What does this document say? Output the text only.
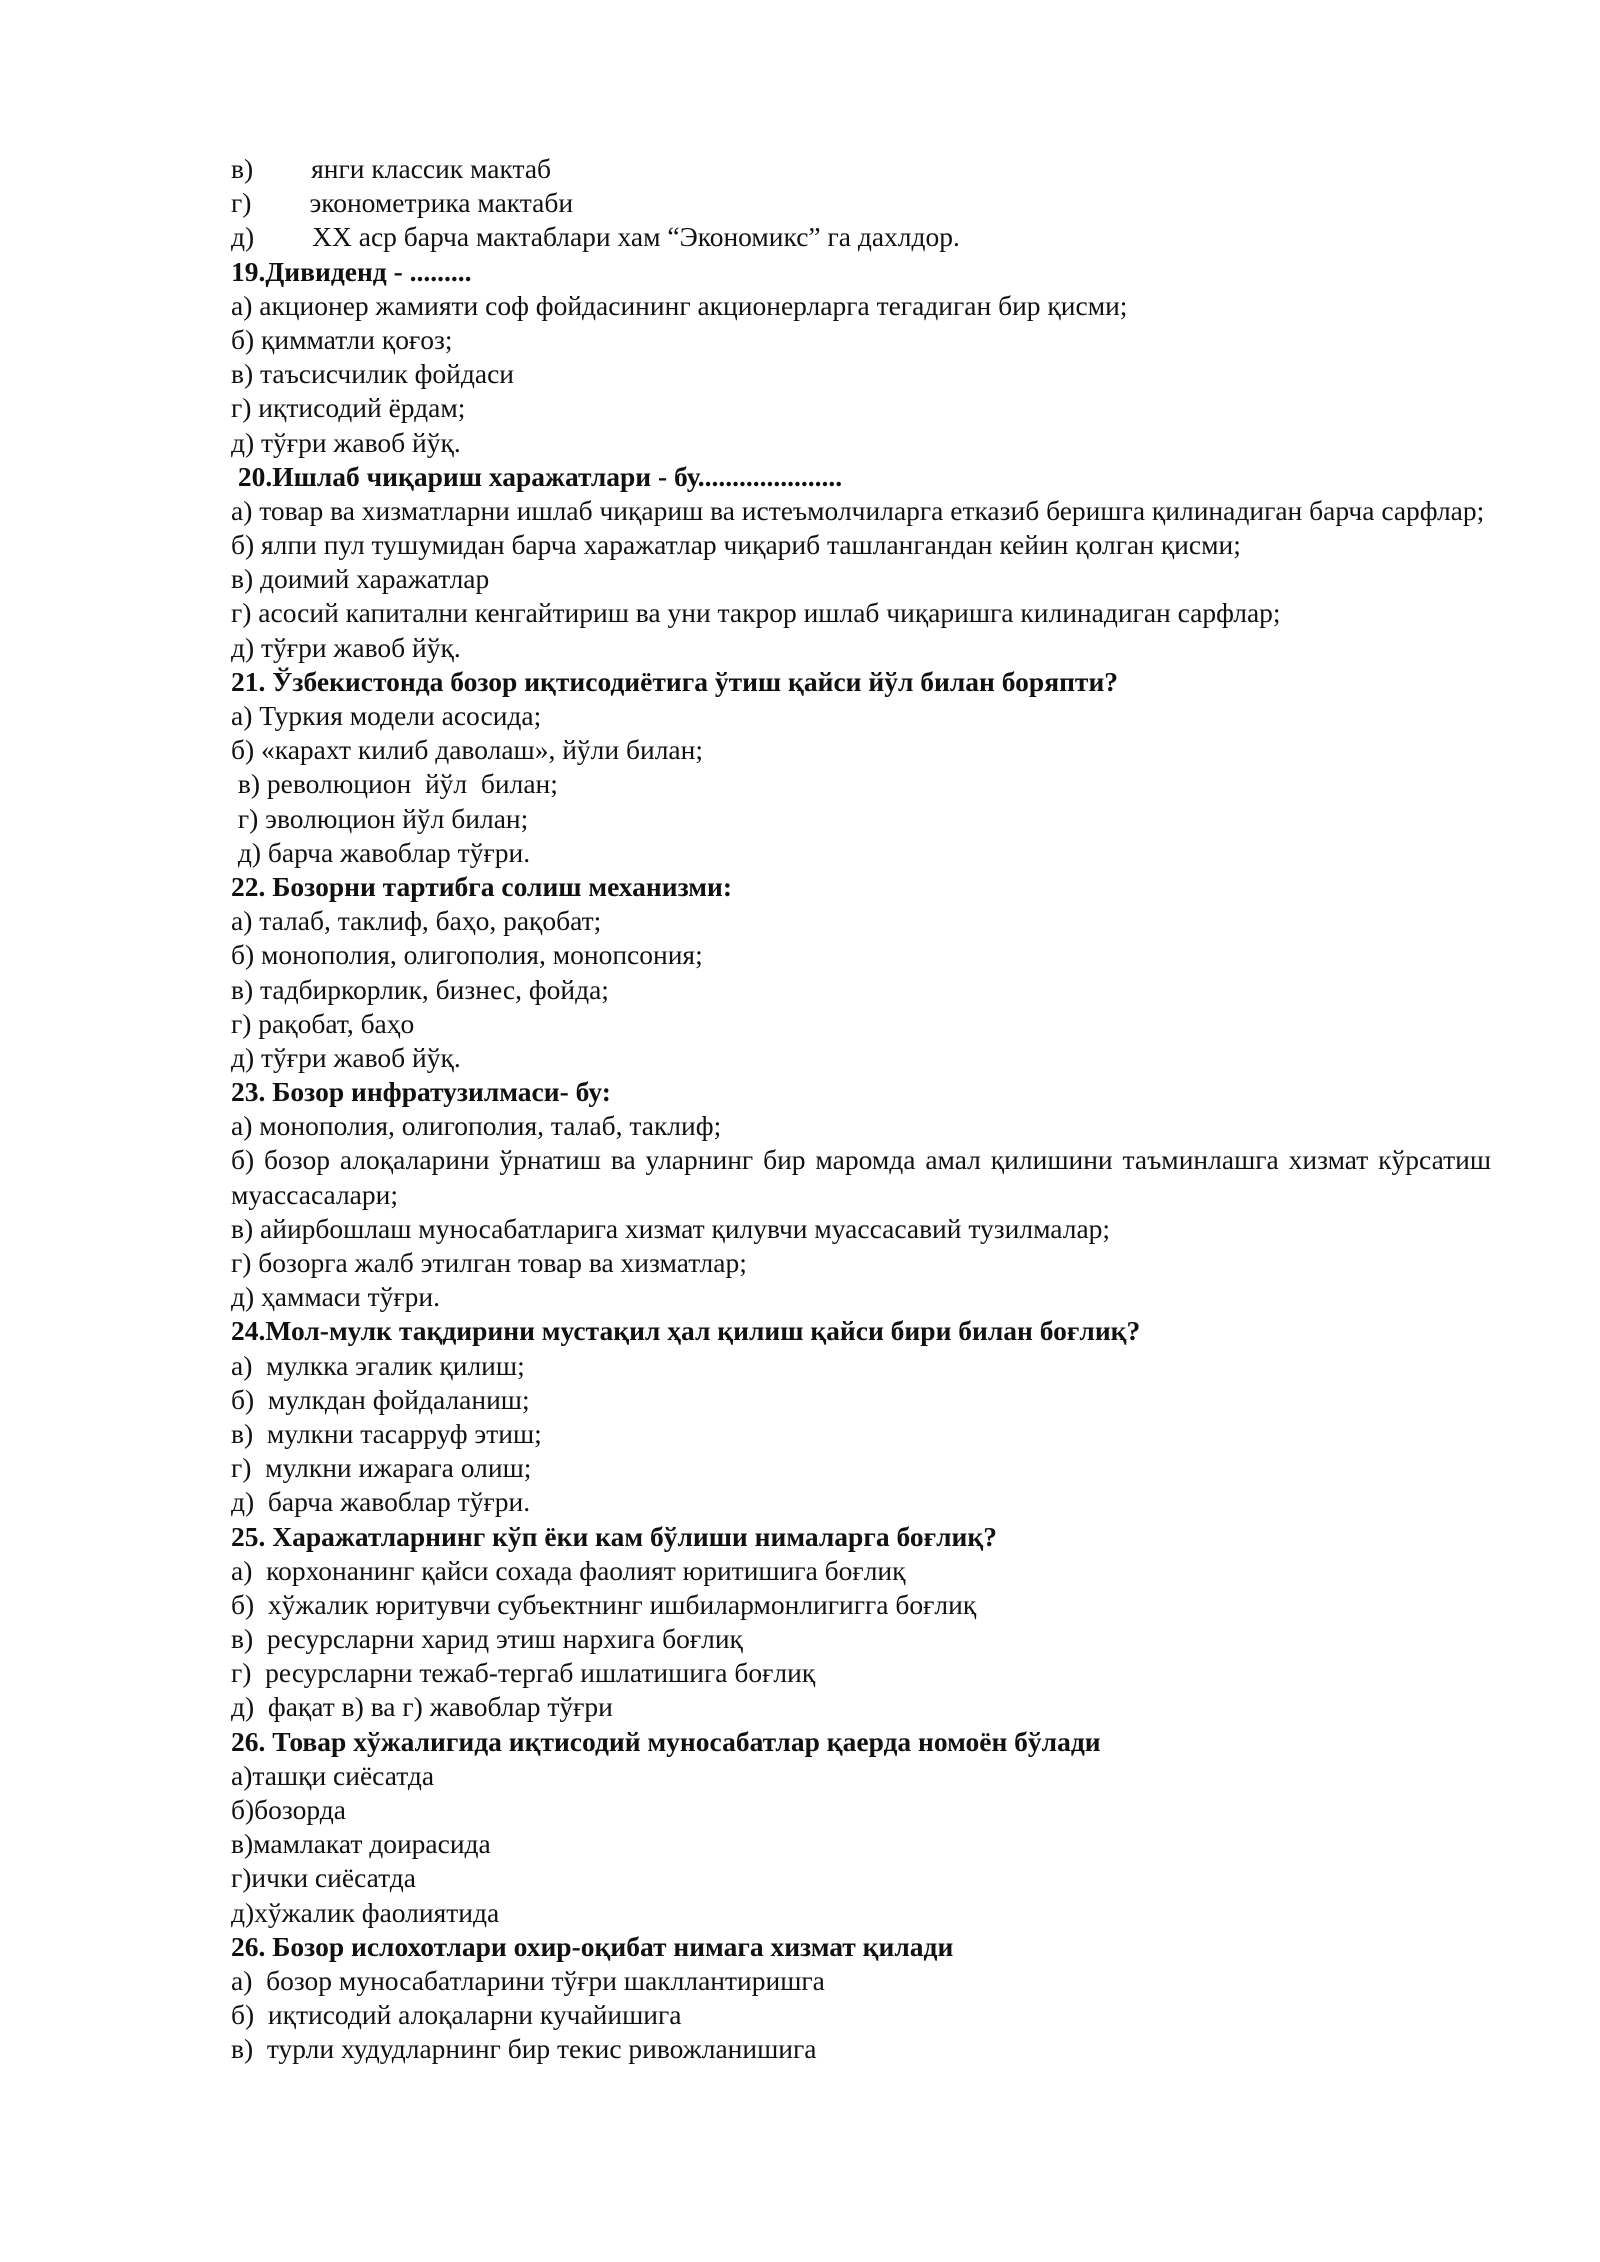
в) янги классик мактаб
г) эконометрика мактаби
д) ХХ аср барча мактаблари хам “Экономикс” га дахлдор.
19.Дивиденд - .........
а) акционер жамияти соф фойдасининг акционерларга тегадиган бир қисми;
б) қимматли қоғоз;
в) таъсисчилик фойдаси
г) иқтисодий ёрдам;
д) тўғри жавоб йўқ.
20.Ишлаб чиқариш харажатлари - бу.....................
а) товар ва хизматларни ишлаб чиқариш ва истеъмолчиларга етказиб беришга қилинадиган барча сарфлар;
б) ялпи пул тушумидан барча харажатлар чиқариб ташлангандан кейин қолган қисми;
в) доимий харажатлар
г) асосий капитални кенгайтириш ва уни такрор ишлаб чиқаришга килинадиган сарфлар;
д) тўғри жавоб йўқ.
21. Ўзбекистонда бозор иқтисодиётига ўтиш қайси йўл билан боряпти?
а) Туркия модели асосида;
б) «карахт килиб даволаш», йўли билан;
в) революцион  йўл  билан;
г) эволюцион йўл билан;
д) барча жавоблар тўғри.
22. Бозорни тартибга солиш механизми:
а) талаб, таклиф, баҳо, рақобат;
б) монополия, олигополия, монопсония;
в) тадбиркорлик, бизнес, фойда;
г) рақобат, баҳо
д) тўғри жавоб йўқ.
23. Бозор инфратузилмаси- бу:
а) монополия, олигополия, талаб, таклиф;
б) бозор алоқаларини ўрнатиш ва уларнинг бир маромда амал қилишини таъминлашга хизмат кўрсатиш муассасалари;
в) айирбошлаш муносабатларига хизмат қилувчи муассасавий тузилмалар;
г) бозорга жалб этилган товар ва хизматлар;
д) ҳаммаси тўғри.
24.Мол-мулк тақдирини мустақил ҳал қилиш қайси бири билан боғлиқ?
а)  мулкка эгалик қилиш;
б)  мулкдан фойдаланиш;
в)  мулкни тасарруф этиш;
г)  мулкни ижарага олиш;
д)  барча жавоблар тўғри.
25. Харажатларнинг кўп ёки кам бўлиши нималарга боғлиқ?
а)  корхонанинг қайси сохада фаолият юритишига боғлиқ
б)  хўжалик юритувчи субъектнинг ишбилармонлигигга боғлиқ
в)  ресурсларни харид этиш нархига боғлиқ
г)  ресурсларни тежаб-тергаб ишлатишига боғлиқ
д)  фақат в) ва г) жавоблар тўғри
26. Товар хўжалигида иқтисодий муносабатлар қаерда номоён бўлади
а)ташқи сиёсатда
б)бозорда
в)мамлакат доирасида
г)ички сиёсатда
д)хўжалик фаолиятида
26. Бозор ислохотлари охир-оқибат нимага хизмат қилади
а)  бозор муносабатларини тўғри шакллантиришга
б)  иқтисодий алоқаларни кучайишига
в)  турли худудларнинг бир текис ривожланишига
